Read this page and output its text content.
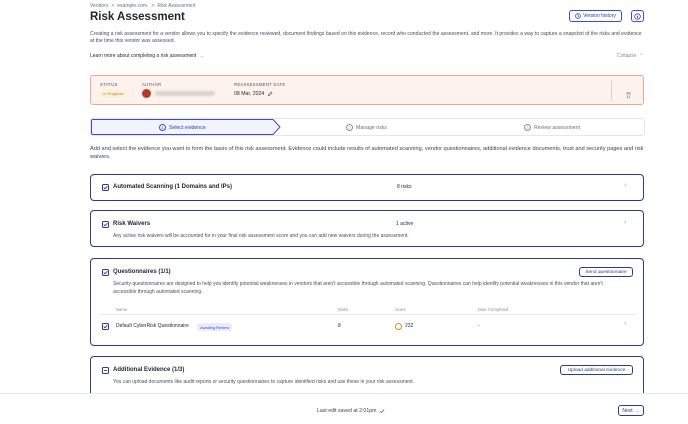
Vendors > example.com. > Risk Assessment
Risk Assessment	Version history
Creating a risk assessment for a vendor allows you to specify the evidence reviewed, document findings based on this evidence, record who conducted the assessment, and more. It provides a way to capture a snapshot of the risks and evidence at the time this vendor was assessed.
Learn more about completing a risk assessment  →	Collapse  ⌃
STATUS
In Progress
AUTHOR	REASSESSMENT DATE
08 Mar, 2024
1	Select evidence	2	Manage risks	3	Review assessment
Add and select the evidence you want to form the basis of this risk assessment. Evidence could include results of automated scanning, vendor questionnaires, additional evidence documents, trust and security pages and risk waivers.
Automated Scanning (1 Domains and IPs)	8 risks	›
Risk Waivers	1 active
Any active risk waivers will be accounted for in your final risk assessment score and you can add new waivers during the assessment.
›
Questionnaires (1/1)	Send questionnaire
Security questionnaires are designed to help you identify potential weaknesses in vendors that aren't accessible through automated scanning. Questionnaires can help identify potential weaknesses in this vendor that aren't accessible through automated scanning.
Name	Risks	Score	Date Completed
Default CyberRisk Questionnaire	Awaiting Review	8	232	-	›
Additional Evidence (1/3)	Upload additional evidence
You can upload documents like audit reports or security questionnaires to capture identified risks and use these in your risk assessment.
Last edit saved at 2:01pm	Next →
